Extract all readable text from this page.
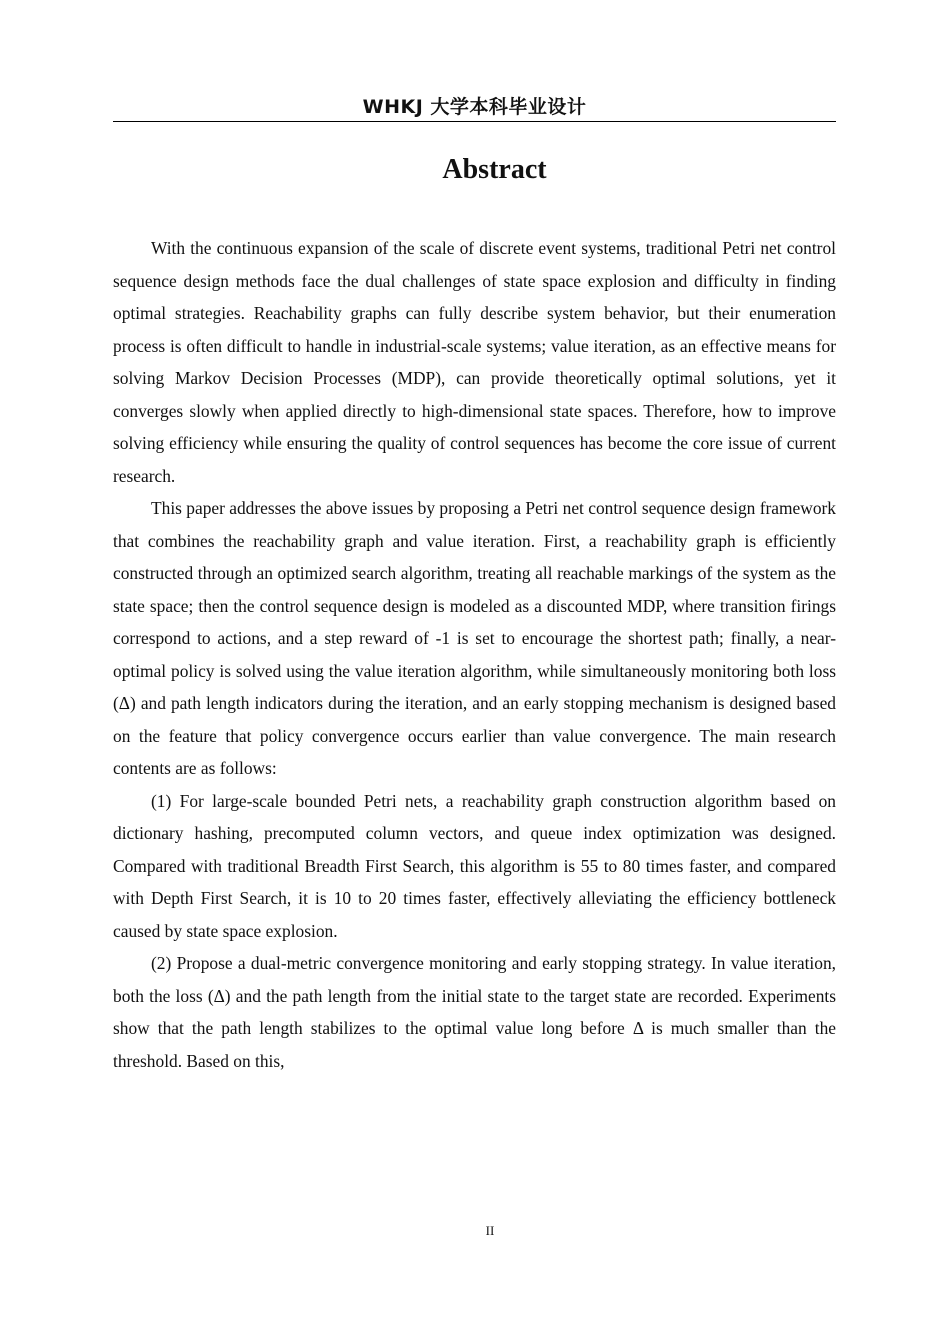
WHKJ 大学本科毕业设计
Abstract

With the continuous expansion of the scale of discrete event systems, traditional Petri net control sequence design methods face the dual challenges of state space explosion and difficulty in finding optimal strategies. Reachability graphs can fully describe system behavior, but their enumeration process is often difficult to handle in industrial-scale systems; value iteration, as an effective means for solving Markov Decision Processes (MDP), can provide theoretically optimal solutions, yet it converges slowly when applied directly to high-dimensional state spaces. Therefore, how to improve solving efficiency while ensuring the quality of control sequences has become the core issue of current research.

This paper addresses the above issues by proposing a Petri net control sequence design framework that combines the reachability graph and value iteration. First, a reachability graph is efficiently constructed through an optimized search algorithm, treating all reachable markings of the system as the state space; then the control sequence design is modeled as a discounted MDP, where transition firings correspond to actions, and a step reward of -1 is set to encourage the shortest path; finally, a near-optimal policy is solved using the value iteration algorithm, while simultaneously monitoring both loss (Δ) and path length indicators during the iteration, and an early stopping mechanism is designed based on the feature that policy convergence occurs earlier than value convergence. The main research contents are as follows:

(1) For large-scale bounded Petri nets, a reachability graph construction algorithm based on dictionary hashing, precomputed column vectors, and queue index optimization was designed. Compared with traditional Breadth First Search, this algorithm is 55 to 80 times faster, and compared with Depth First Search, it is 10 to 20 times faster, effectively alleviating the efficiency bottleneck caused by state space explosion.

(2) Propose a dual-metric convergence monitoring and early stopping strategy. In value iteration, both the loss (Δ) and the path length from the initial state to the target state are recorded. Experiments show that the path length stabilizes to the optimal value long before Δ is much smaller than the threshold. Based on this,

II
